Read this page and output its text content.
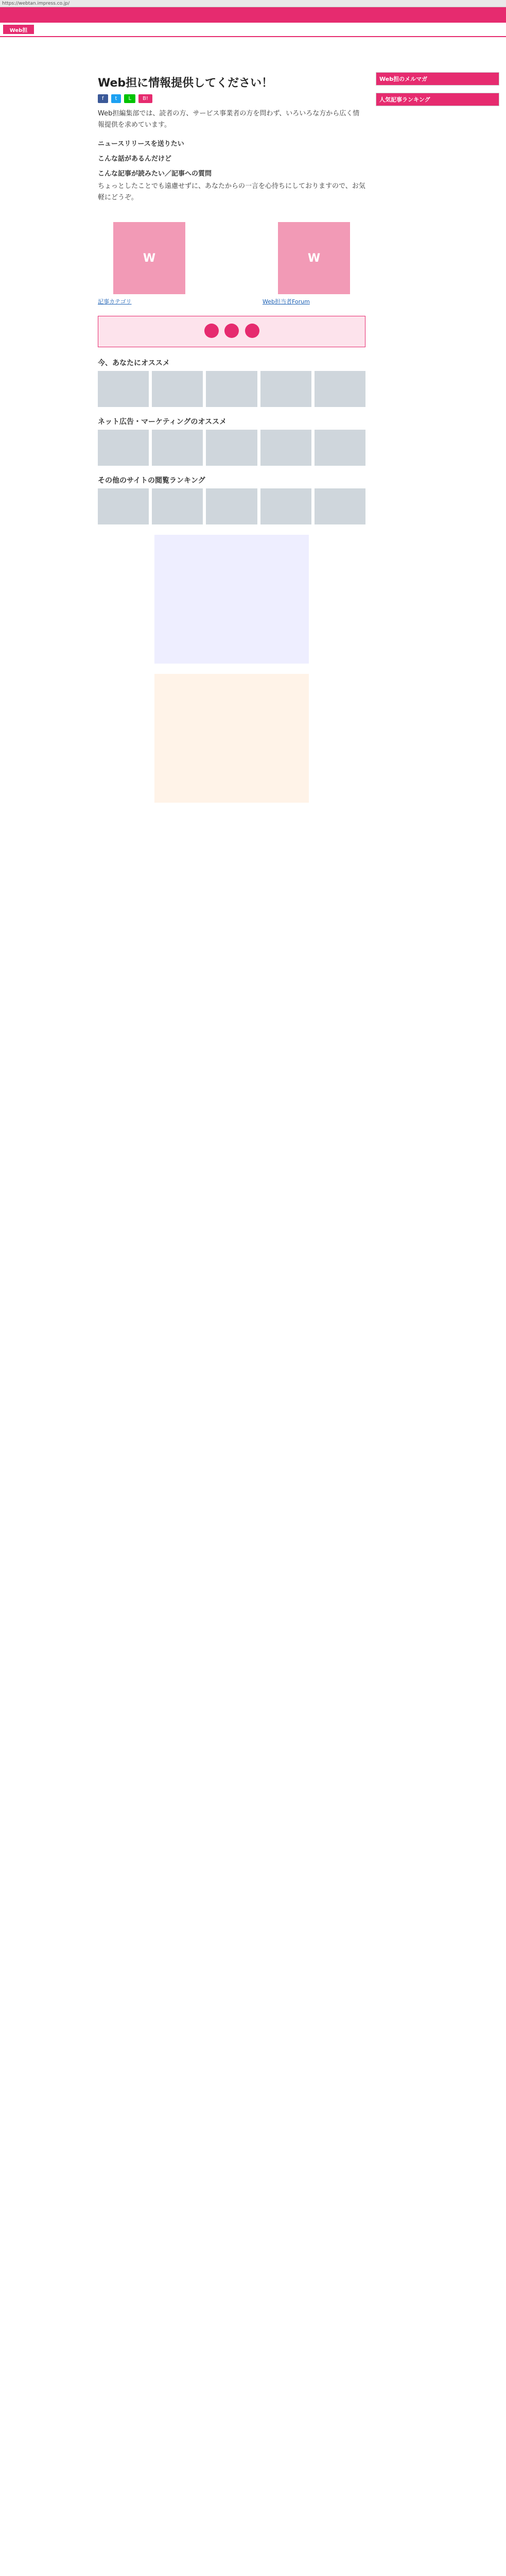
https://webtan.impress.co.jp/
Web担
Web担に情報提供してください！
f	t	L	B!

Web担編集部では、読者の方、サービス事業者の方を問わず、いろいろな方から広く情報提供を求めています。

ニュースリリースを送りたい
こんな話があるんだけど
こんな記事が読みたい／記事への質問

ちょっとしたことでも遠慮せずに、あなたからの一言を心待ちにしておりますので、お気軽にどうぞ。

W
記事カテゴリ
W
Web担当者Forum

今、あなたにオススメ
ネット広告・マーケティングのオススメ
その他のサイトの閲覧ランキング
Web担のメルマガ
人気記事ランキング
